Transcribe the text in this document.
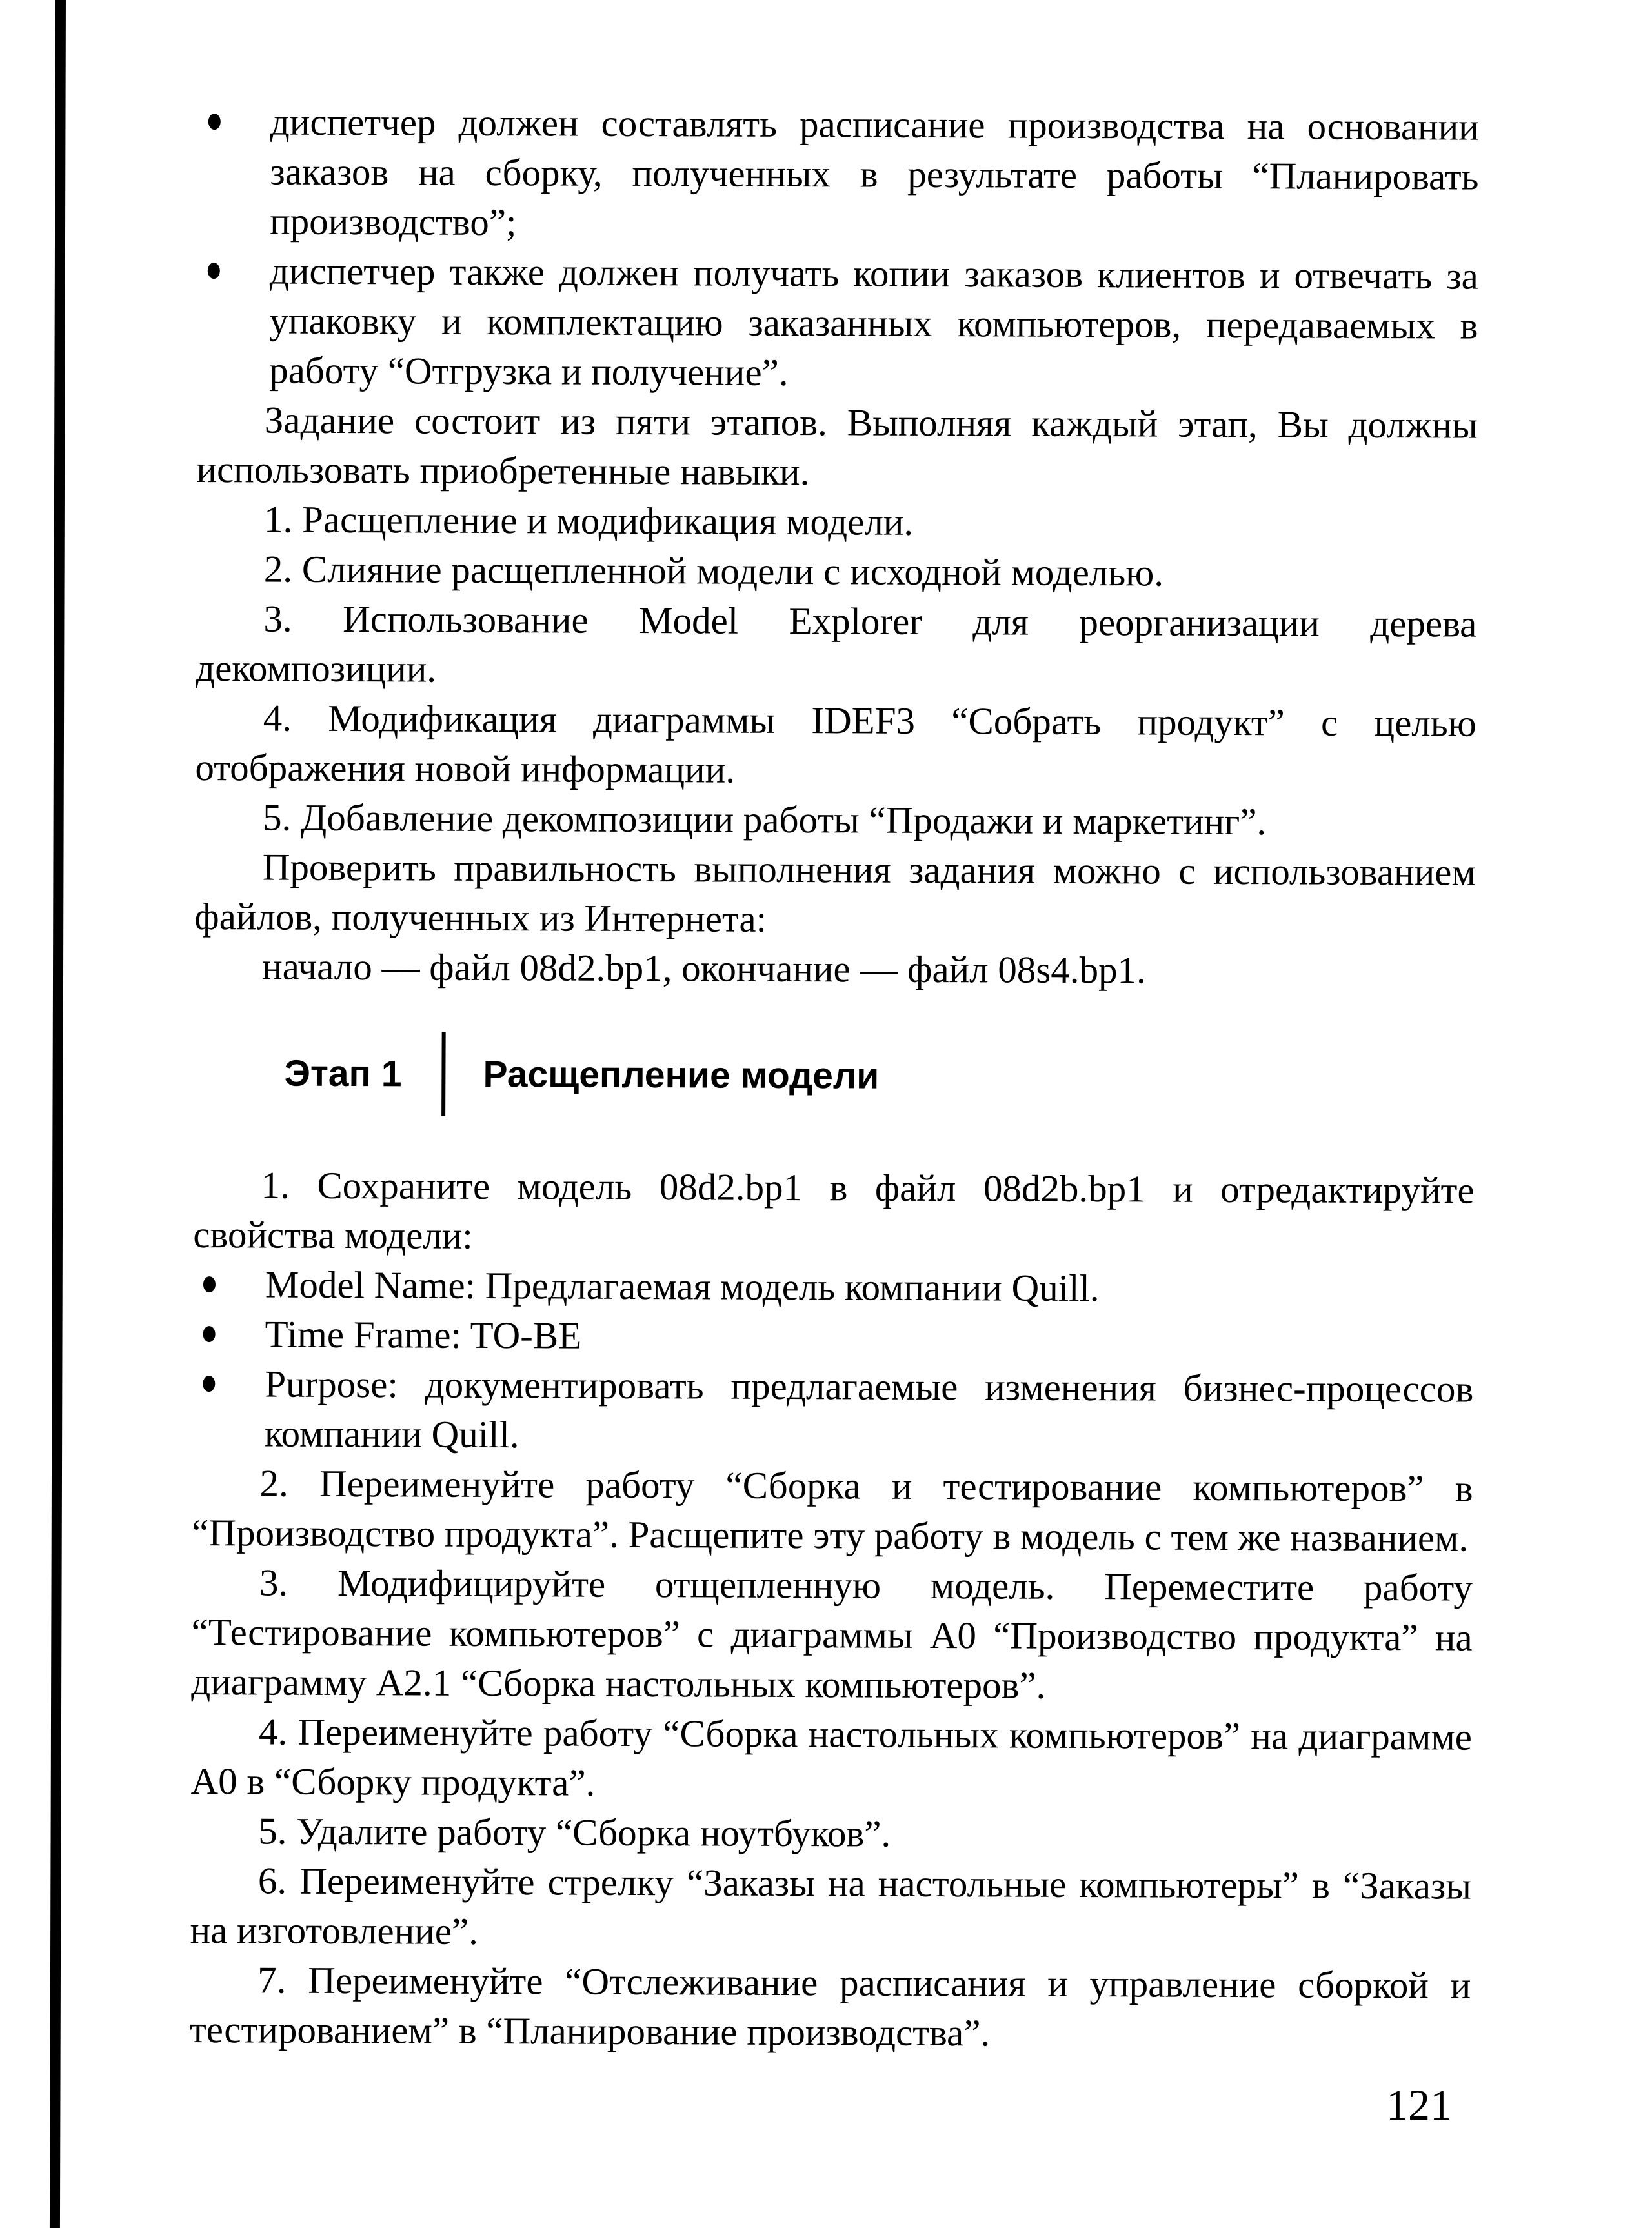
диспетчер должен составлять расписание производства на основании заказов на сборку, полученных в результате работы “Планировать производство”;
диспетчер также должен получать копии заказов клиентов и отвечать за упаковку и комплектацию заказанных компьютеров, передаваемых в работу “Отгрузка и получение”.

Задание состоит из пяти этапов. Выполняя каждый этап, Вы должны использовать приобретенные навыки.

1. Расщепление и модификация модели.

2. Слияние расщепленной модели с исходной моделью.

3. Использование Model Explorer для реорганизации дерева декомпозиции.

4. Модификация диаграммы IDEF3 “Собрать продукт” с целью отображения новой информации.

5. Добавление декомпозиции работы “Продажи и маркетинг”.

Проверить правильность выполнения задания можно с использованием файлов, полученных из Интернета:

начало — файл 08d2.bp1, окончание — файл 08s4.bp1.

Этап 1 Расщепление модели

1. Сохраните модель 08d2.bp1 в файл 08d2b.bp1 и отредактируйте свойства модели:

Model Name: Предлагаемая модель компании Quill.
Time Frame: TO-BE
Purpose: документировать предлагаемые изменения бизнес-процессов компании Quill.

2. Переименуйте работу “Сборка и тестирование компьютеров” в “Производство продукта”. Расщепите эту работу в модель с тем же названием.

3. Модифицируйте отщепленную модель. Переместите работу “Тестирование компьютеров” с диаграммы А0 “Производство продукта” на диаграмму А2.1 “Сборка настольных компьютеров”.

4. Переименуйте работу “Сборка настольных компьютеров” на диаграмме А0 в “Сборку продукта”.

5. Удалите работу “Сборка ноутбуков”.

6. Переименуйте стрелку “Заказы на настольные компьютеры” в “Заказы на изготовление”.

7. Переименуйте “Отслеживание расписания и управление сборкой и тестированием” в “Планирование производства”.

121
